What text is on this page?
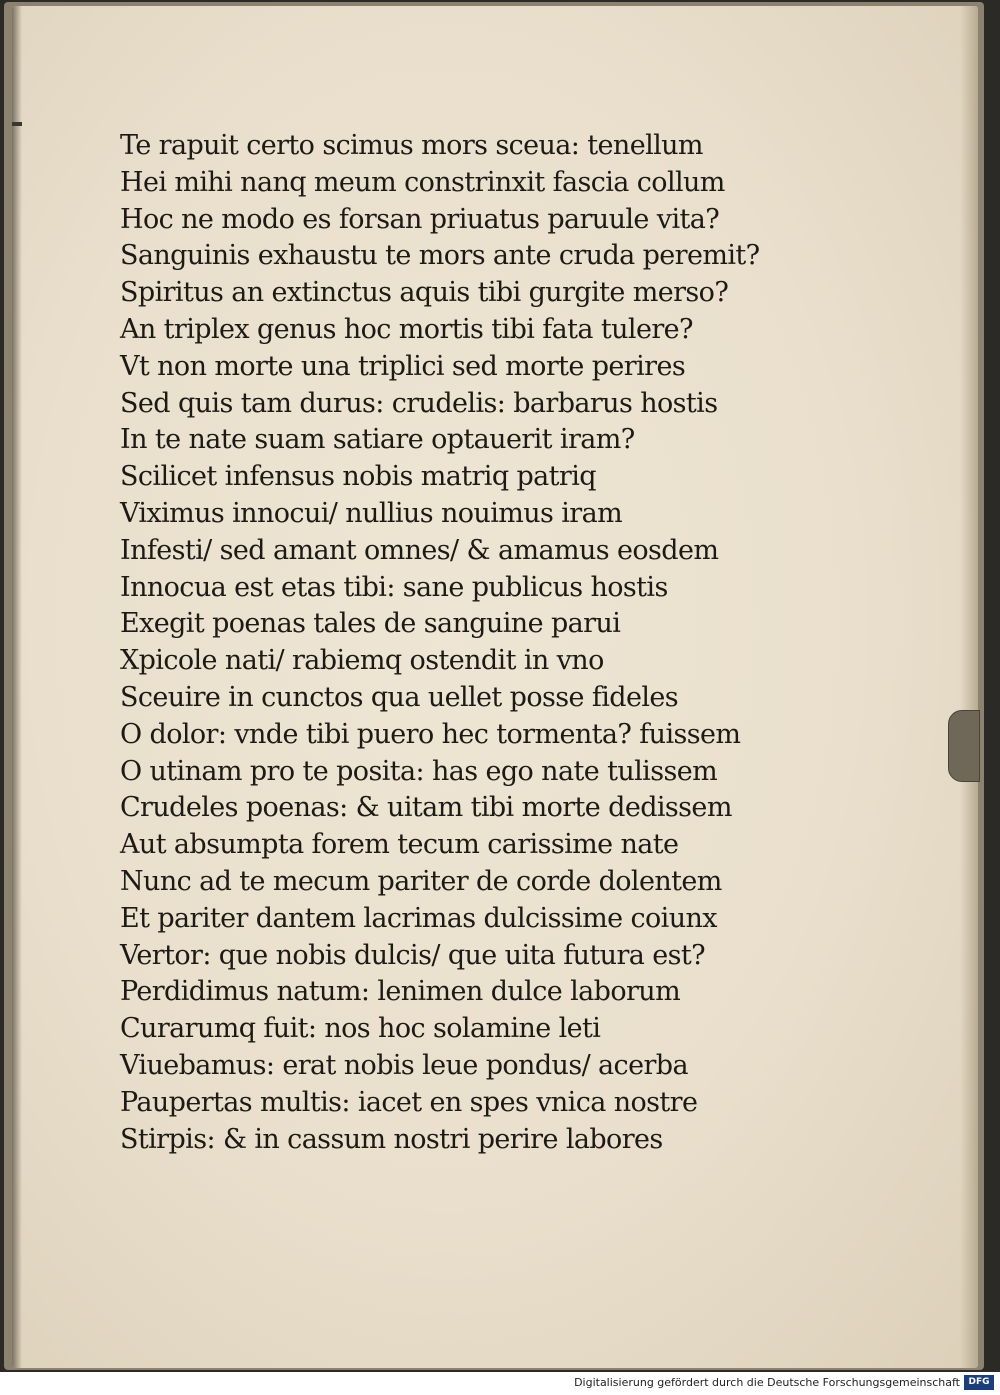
Te rapuit certo scimus mors sceua: tenellum
Hei mihi nanq meum constrinxit fascia collum
Hoc ne modo es forsan priuatus paruule vita?
Sanguinis exhaustu te mors ante cruda peremit?
Spiritus an extinctus aquis tibi gurgite merso?
An triplex genus hoc mortis tibi fata tulere?
Vt non morte una triplici sed morte perires
Sed quis tam durus: crudelis: barbarus hostis
In te nate suam satiare optauerit iram?
Scilicet infensus nobis matriq patriq
Viximus innocui/ nullius nouimus iram
Infesti/ sed amant omnes/ & amamus eosdem
Innocua est etas tibi: sane publicus hostis
Exegit poenas tales de sanguine parui
Xpicole nati/ rabiemq ostendit in vno
Sceuire in cunctos qua uellet posse fideles
O dolor: vnde tibi puero hec tormenta? fuissem
O utinam pro te posita: has ego nate tulissem
Crudeles poenas: & uitam tibi morte dedissem
Aut absumpta forem tecum carissime nate
Nunc ad te mecum pariter de corde dolentem
Et pariter dantem lacrimas dulcissime coiunx
Vertor: que nobis dulcis/ que uita futura est?
Perdidimus natum: lenimen dulce laborum
Curarumq fuit: nos hoc solamine leti
Viuebamus: erat nobis leue pondus/ acerba
Paupertas multis: iacet en spes vnica nostre
Stirpis: & in cassum nostri perire labores
Digitalisierung gefördert durch die Deutsche Forschungsgemeinschaft DFG
